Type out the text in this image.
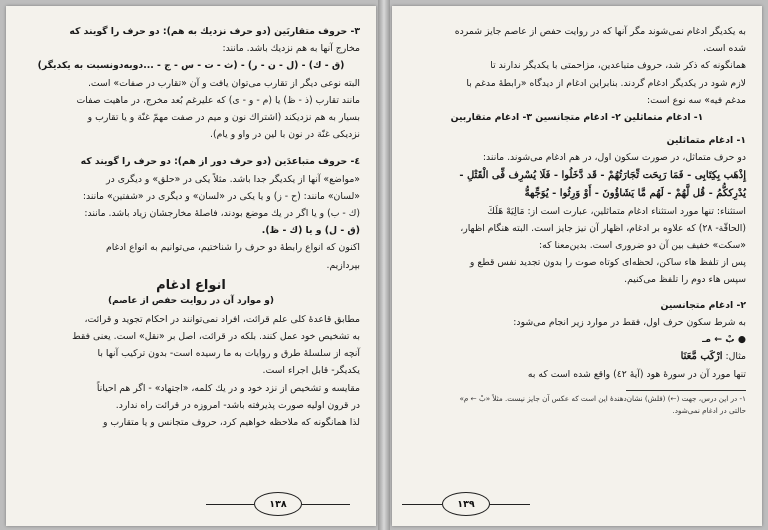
٣- حروف متقاربَين (دو حرف نزديك به هم): دو حرف را گويند كه

مخارج آنها به هم نزديك باشد. مانند:

(ق - ك) - (ل - ن - ر) - (ث - ت - س - ج - ...دوبه‌دونسبت به يكديگر)

البته نوعى ديگر از تقارب مى‌توان يافت و آن «تقارب در صفات» است.

مانند تقارب (ذ - ظ) يا (م - و - ى) كه عليرغم بُعد مخرج، در ماهيت صفات

بسيار به هم نزديكند (اشتراك نون و ميم در صفت مهمّ غنّة و يا تقارب و

نزديكى غنّة در نون با لين در واو و يام).

٤- حروف متباعدَين (دو حرف دور از هم): دو حرف را گويند كه

«مواضع» آنها از يكديگر جدا باشد. مثلاً يكى در «حلق» و ديگرى در

«لسان» مانند: (ح - ز) و يا يكى در «لسان» و ديگرى در «شفتين» مانند:

(ك - ب) و يا اگر در يك موضع بودند، فاصلهٔ مخارجشان زياد باشد. مانند:

(ق - ل) و يا (ك - ظ).

اكنون كه انواع رابطهٔ دو حرف را شناختيم، مى‌توانيم به انواع ادغام

بپردازيم.

انواع ادغام
(و موارد آن در روايت حفص از عاصم)

مطابق قاعدهٔ كلى علم قرائت، افراد نمى‌توانند در احكام تجويد و قرائت،

به تشخيص خود عمل كنند. بلكه در قرائت، اصل بر «نقل» است. يعنى فقط

آنچه از سلسلهٔ طرق و روايات به ما رسيده است- بدون تركيب آنها با

يكديگر- قابل اجراء است.

مقايسه و تشخيص از نزد خود و در يك كلمه، «اجتهاد» - اگر هم احياناً

در قرون اوليه صورت پذيرفته باشد- امروزه در قرائت راه ندارد.

لذا همانگونه كه ملاحظه خواهيم كرد، حروف متجانس و يا متقارب و

١٣٨

به يكديگر ادغام نمى‌شوند مگر آنها كه در روايت حفص از عاصم جايز شمرده

شده است.

همانگونه كه ذكر شد، حروف متباعدين، مزاحمتى با يكديگر ندارند تا

لازم شود در يكديگر ادغام گردند. بنابراين ادغام از ديدگاه «رابطهٔ مدغم با

مدغم فيه» سه نوع است:

١- ادغام متماثلين ٢- ادغام متجانسين ٣- ادغام متقاربين

١- ادغام متماثلين

دو حرف متماثل، در صورت سكون اول، در هم ادغام مى‌شوند. مانند:

إِذْهَب بِكِتَابِى - فَمَا رَبِحَت تِّجَارَتُهُمْ - قَد دَّخَلُوا - فَلَا يُسْرِف فِّى الْقَتْلِ -

يُدْرِككُّمُ - قُل لَّهُمْ - لَهُم مَّا يَشَاؤُونَ - أَوْ وَرِثُوا - يُوَجِّههُّ

استثناء: تنها مورد استثناء ادغام متماثلين، عبارت است از: مَالِيَهْ هَلَكَ

(الحاقّة- ٢٨) كه علاوه بر ادغام، اظهار آن نيز جايز است. البته هنگام اظهار،

«سكت» خفيف بين آن دو ضرورى است. بدين‌معنا كه:

پس از تلفظ هاء ساكن، لحظه‌اى كوتاه صوت را بدون تجديد نفس قطع و

سپس هاء دوم را تلفظ مى‌كنيم.

٢- ادغام متجانسين

به شرط سكون حرف اول، فقط در موارد زير انجام مى‌شود:

● بْ ← مـ

مثال: ارْكَب مَّعَنَا

تنها مورد آن در سورهٔ هود (آيهٔ ٤٢) واقع شده است كه به

١- در اين درس، جهت (←) (فلش) نشان‌دهندهٔ اين است كه عكس آن جايز نيست. مثلاً «بْ ← م»

حالتى در ادغام نمى‌شود.

١٣٩
